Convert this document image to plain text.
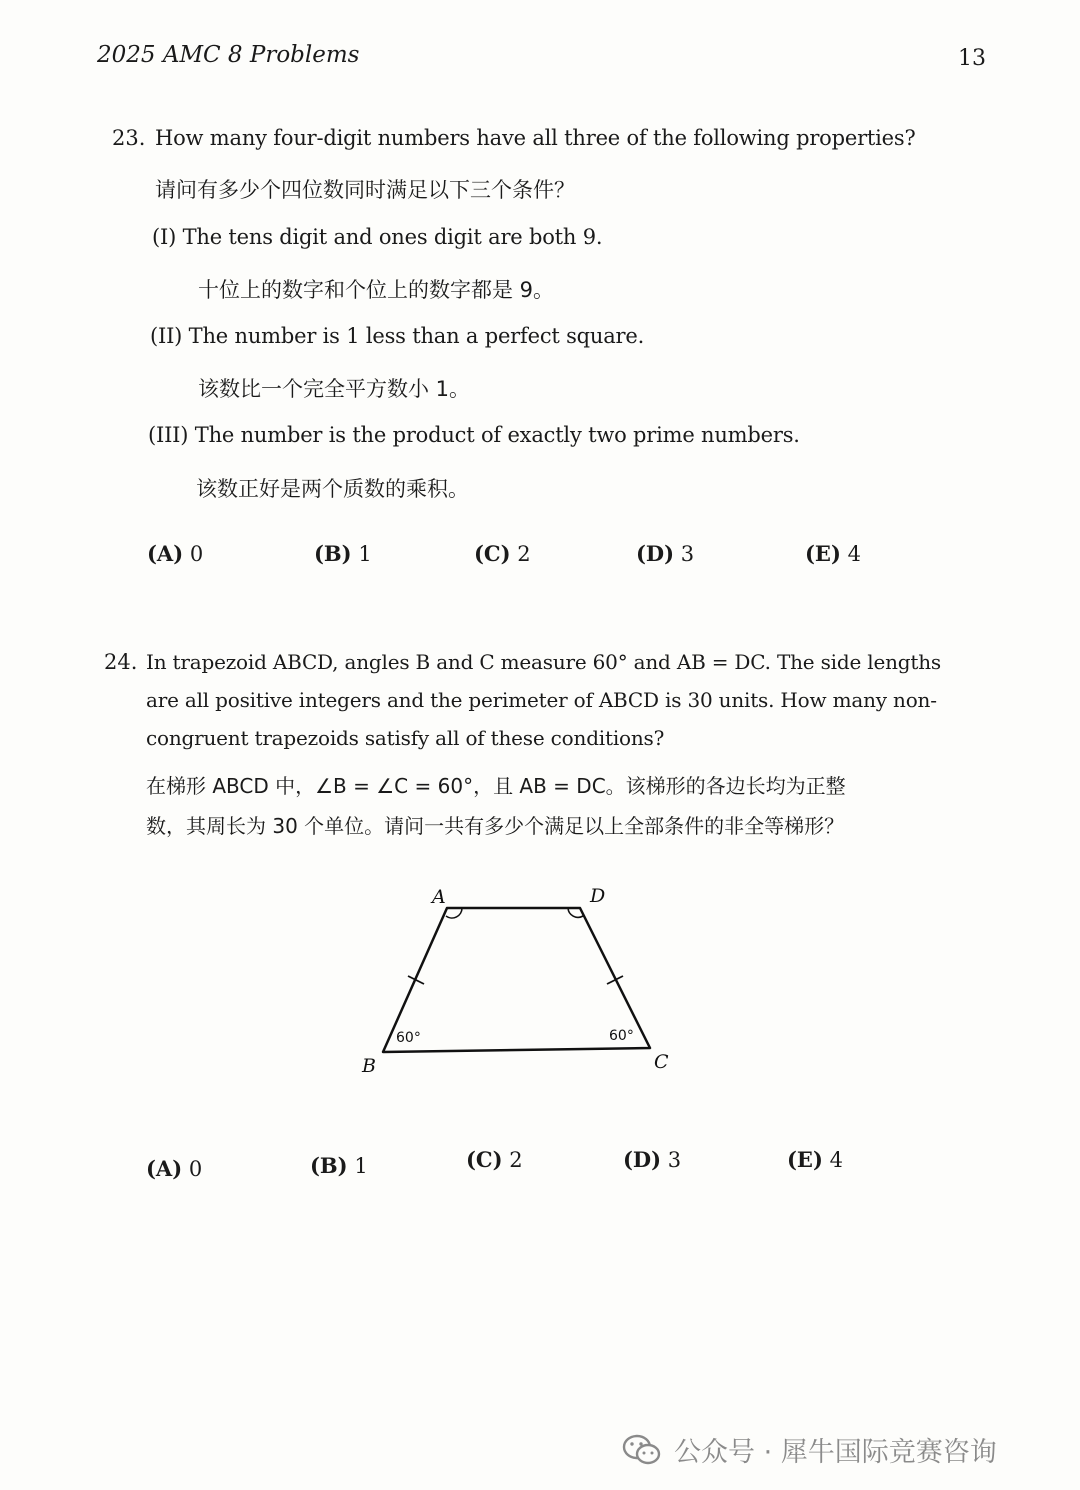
2025 AMC 8 Problems	13
23. How many four-digit numbers have all three of the following properties?
请问有多少个四位数同时满足以下三个条件？
(I) The tens digit and ones digit are both 9.
十位上的数字和个位上的数字都是 9。
(II) The number is 1 less than a perfect square.
该数比一个完全平方数小 1。
(III) The number is the product of exactly two prime numbers.
该数正好是两个质数的乘积。
(A) 0	(B) 1	(C) 2	(D) 3	(E) 4
24. In trapezoid ABCD, angles B and C measure 60° and AB = DC. The side lengths
are all positive integers and the perimeter of ABCD is 30 units. How many non-
congruent trapezoids satisfy all of these conditions?
在梯形 ABCD 中，∠B = ∠C = 60°，且 AB = DC。该梯形的各边长均为正整
数，其周长为 30 个单位。请问一共有多少个满足以上全部条件的非全等梯形？
A	D
B	C
60°	60°
(A) 0	(B) 1	(C) 2	(D) 3	(E) 4
公众号 · 犀牛国际竞赛咨询
